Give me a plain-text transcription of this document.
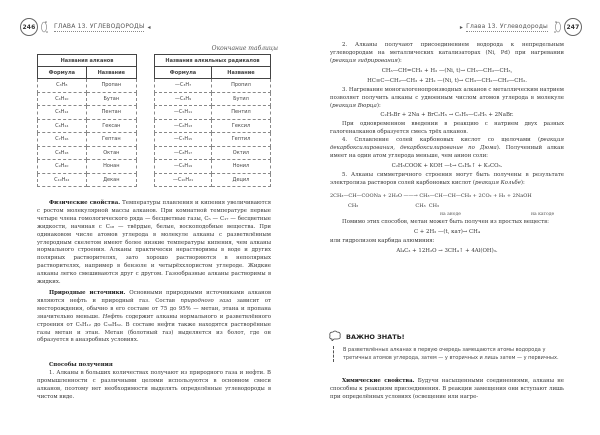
246	ГЛАВА 13. УГЛЕВОДОРОДЫ ◂
Окончание таблицы
Названия алканов	
Формула	Название
C₃H₈	Пропан
C₄H₁₀	Бутан
C₅H₁₂	Пентан
C₆H₁₄	Гексан
C₇H₁₆	Гептан
C₈H₁₈	Октан
C₉H₂₀	Нонан
C₁₀H₂₂	Декан
Названия алкильных радикалов	
Формула	Название
—C₃H₇	Пропил
—C₄H₉	Бутил
—C₅H₁₁	Пентил
—C₆H₁₃	Гексил
—C₇H₁₅	Гептил
—C₈H₁₇	Октил
—C₉H₁₉	Нонил
—C₁₀H₂₁	Децил

Физические свойства. Температуры плавления и кипения увеличиваются с ростом молекулярной массы алканов. При комнатной температуре первые четыре члена гомологического ряда — бесцветные газы, C₅ — C₁₇ — бесцветные жидкости, начиная с C₁₈ — твёрдые, белые, воскоподобные вещества. При одинаковом числе атомов углерода в молекуле алканы с разветвлённым углеродным скелетом имеют более низкие температуры кипения, чем алканы нормального строения. Алканы практически нерастворимы в воде и других полярных растворителях, зато хорошо растворяются в неполярных растворителях, например в бензоле и четырёххлористом углероде. Жидкие алканы легко смешиваются друг с другом. Газообразные алканы растворимы в жидких.

Природные источники. Основными природными источниками алканов являются нефть и природный газ. Состав природного газа зависит от месторождения, обычно в его составе от 75 до 95% — метан, этана и пропана значительно меньше. Нефть содержит алканы нормального и разветвлённого строения от C₅H₁₂ до C₃₀H₆₂. В составе нефти также находятся растворённые газы метан и этан. Метан (болотный газ) выделяется из болот, где он образуется в анаэробных условиях.

Способы получения

1. Алканы в больших количествах получают из природного газа и нефти. В промышленности с различными целями используются в основном смеси алканов, поэтому нет необходимости выделять определённые углеводороды в чистом виде.

▸ Глава 13. Углеводороды	247

2. Алканы получают присоединением водорода к непредельным углеводородам на металлических катализаторах (Ni, Pd) при нагревании (реакция гидрирования):

CH₃—CH=CH₂ + H₂ —(Ni, t)→ CH₃—CH₂—CH₃,
HC≡C—CH₂—CH₃ + 2H₂ —(Ni, t)→ CH₃—CH₂—CH₂—CH₃.

3. Нагревание моногалогенопроизводных алканов с металлическим натрием позволяет получить алканы с удвоенным числом атомов углерода в молекуле (реакция Вюрца):

C₂H₅Br + 2Na + BrC₂H₅ → C₂H₅—C₂H₅ + 2NaBr.

При одновременном введении в реакцию с натрием двух разных галогеналканов образуется смесь трёх алканов.

4. Сплавление солей карбоновых кислот со щелочами (реакция декарбоксилирования, декарбоксилирование по Дюма). Полученный алкан имеет на один атом углерода меньше, чем анион соли:

C₂H₅COOK + KOH —t→ C₂H₆↑ + K₂CO₃.

5. Алканы симметричного строения могут быть получены в результате электролиза растворов солей карбоновых кислот (реакция Кольбе):

2CH₃—CH—COONa + 2H₂O ——→ CH₃—CH—CH—CH₃ + 2CO₂ + H₂ + 2NaOH
CH₃                                    CH₃  CH₃
на аноде	на катоде

Помимо этих способов, метан может быть получен из простых веществ:

C + 2H₂ —(t, кат)→ CH₄

или гидролизом карбида алюминия:

Al₄C₃ + 12H₂O → 3CH₄↑ + 4Al(OH)₃.
ВАЖНО ЗНАТЬ!
В разветвлённых алканах в первую очередь замещаются атомы водорода у третичных атомов углерода, затем — у вторичных и лишь затем — у первичных.

Химические свойства. Будучи насыщенными соединениями, алканы не способны к реакциям присоединения. В реакции замещения они вступают лишь при определённых условиях (освещение или нагре-
